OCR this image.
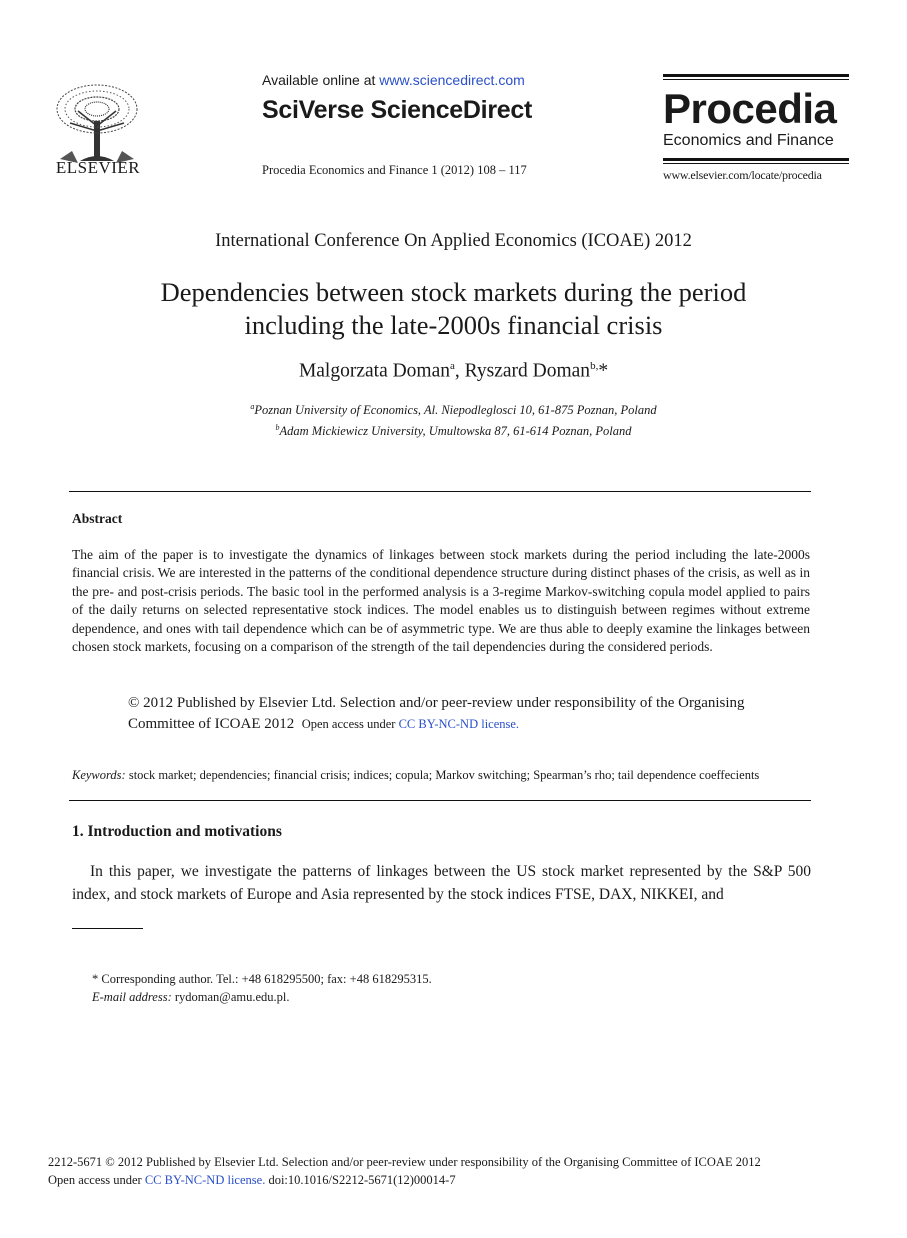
ELSEVIER
Available online at www.sciencedirect.com
SciVerse ScienceDirect
Procedia Economics and Finance 1 (2012) 108 – 117
Procedia
Economics and Finance
www.elsevier.com/locate/procedia
International Conference On Applied Economics (ICOAE) 2012
Dependencies between stock markets during the period
including the late-2000s financial crisis
Malgorzata Doman$^a$, Ryszard Doman$^{b,}$*
$^a$Poznan University of Economics, Al. Niepodleglosci 10, 61-875 Poznan, Poland
$^b$Adam Mickiewicz University, Umultowska 87, 61-614 Poznan, Poland
Abstract
The aim of the paper is to investigate the dynamics of linkages between stock markets during the period including the late-2000s financial crisis. We are interested in the patterns of the conditional dependence structure during distinct phases of the crisis, as well as in the pre- and post-crisis periods. The basic tool in the performed analysis is a 3-regime Markov-switching copula model applied to pairs of the daily returns on selected representative stock indices. The model enables us to distinguish between regimes without extreme dependence, and ones with tail dependence which can be of asymmetric type. We are thus able to deeply examine the linkages between chosen stock markets, focusing on a comparison of the strength of the tail dependencies during the considered periods.
© 2012 Published by Elsevier Ltd. Selection and/or peer-review under responsibility of the Organising Committee of ICOAE 2012 Open access under CC BY-NC-ND license.
Keywords: stock market; dependencies; financial crisis; indices; copula; Markov switching; Spearman’s rho; tail dependence coeffecients
1. Introduction and motivations
In this paper, we investigate the patterns of linkages between the US stock market represented by the S&P 500 index, and stock markets of Europe and Asia represented by the stock indices FTSE, DAX, NIKKEI, and
* Corresponding author. Tel.: +48 618295500; fax: +48 618295315.
E-mail address: rydoman@amu.edu.pl.
2212-5671 © 2012 Published by Elsevier Ltd. Selection and/or peer-review under responsibility of the Organising Committee of ICOAE 2012
Open access under CC BY-NC-ND license. doi:10.1016/S2212-5671(12)00014-7
